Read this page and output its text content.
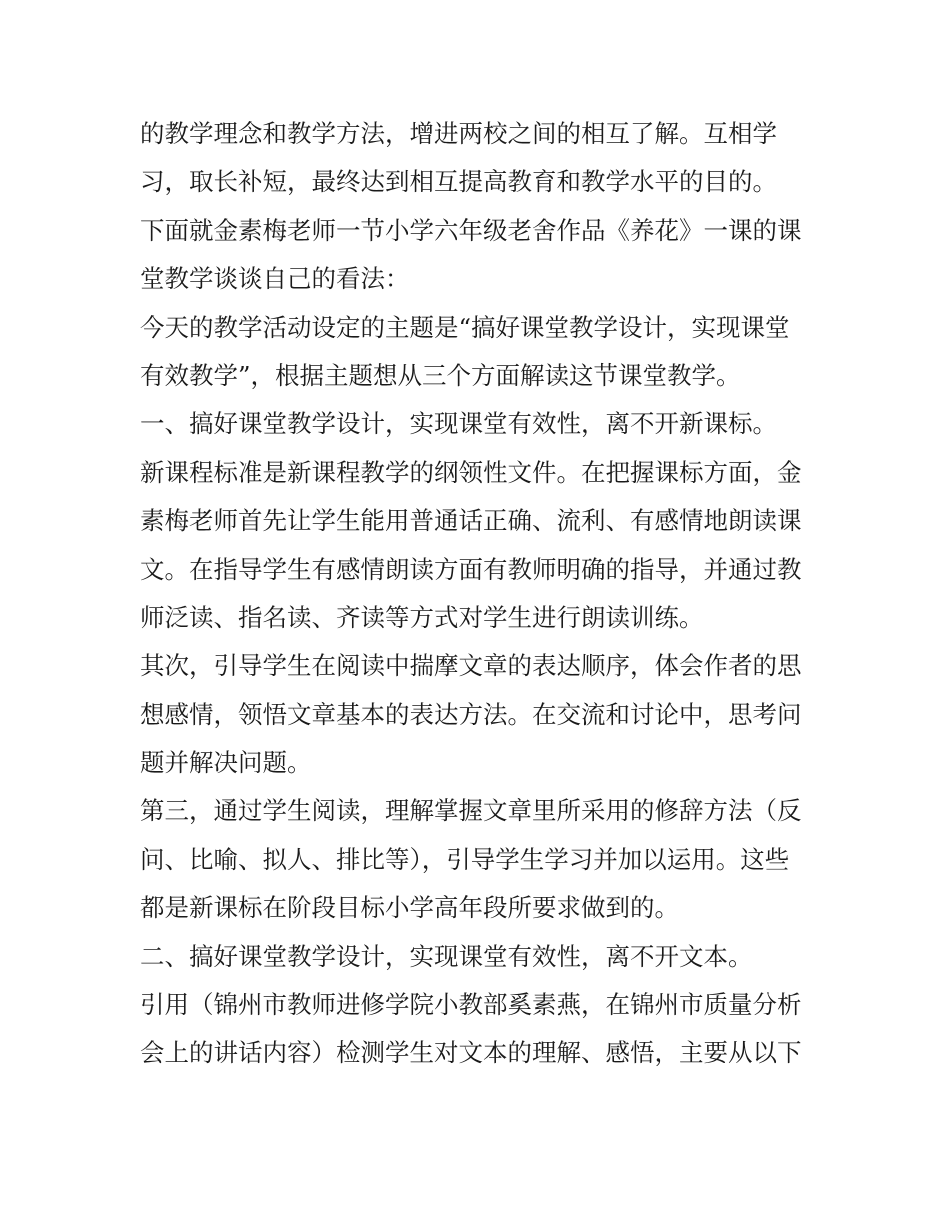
的教学理念和教学方法，增进两校之间的相互了解。互相学
习，取长补短，最终达到相互提高教育和教学水平的目的。
下面就金素梅老师一节小学六年级老舍作品《养花》一课的课
堂教学谈谈自己的看法：
今天的教学活动设定的主题是“搞好课堂教学设计，实现课堂
有效教学”，根据主题想从三个方面解读这节课堂教学。
一、搞好课堂教学设计，实现课堂有效性，离不开新课标。
新课程标准是新课程教学的纲领性文件。在把握课标方面，金
素梅老师首先让学生能用普通话正确、流利、有感情地朗读课
文。在指导学生有感情朗读方面有教师明确的指导，并通过教
师泛读、指名读、齐读等方式对学生进行朗读训练。
其次，引导学生在阅读中揣摩文章的表达顺序，体会作者的思
想感情，领悟文章基本的表达方法。在交流和讨论中，思考问
题并解决问题。
第三，通过学生阅读，理解掌握文章里所采用的修辞方法（反
问、比喻、拟人、排比等），引导学生学习并加以运用。这些
都是新课标在阶段目标小学高年段所要求做到的。
二、搞好课堂教学设计，实现课堂有效性，离不开文本。
引用（锦州市教师进修学院小教部奚素燕，在锦州市质量分析
会上的讲话内容）检测学生对文本的理解、感悟，主要从以下
